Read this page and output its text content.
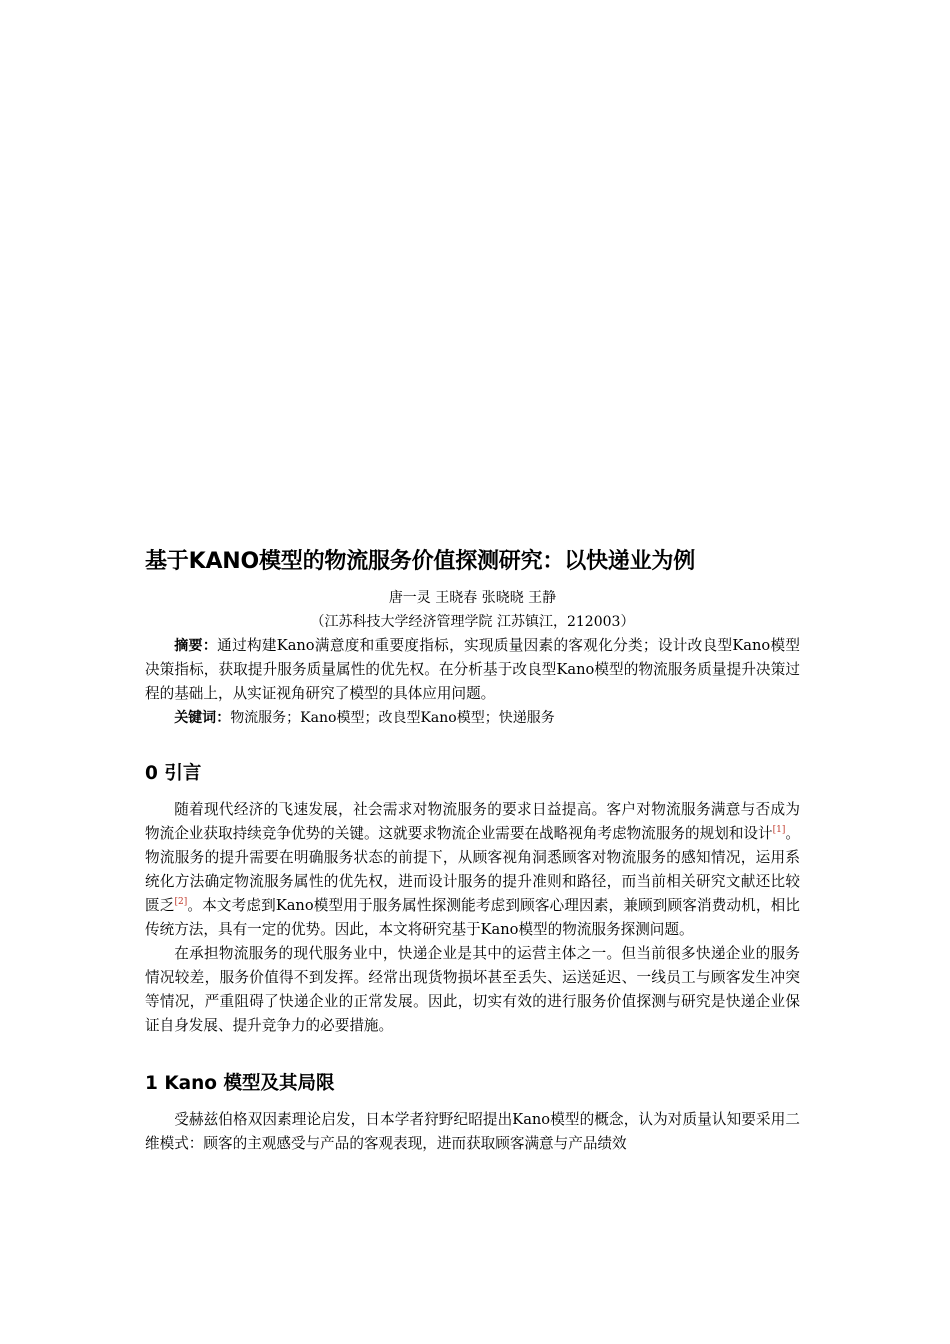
基于KANO模型的物流服务价值探测研究：以快递业为例
唐一灵 王晓春 张晓晓 王静
（江苏科技大学经济管理学院 江苏镇江，212003）

摘要：通过构建Kano满意度和重要度指标，实现质量因素的客观化分类；设计改良型Kano模型决策指标，获取提升服务质量属性的优先权。在分析基于改良型Kano模型的物流服务质量提升决策过程的基础上，从实证视角研究了模型的具体应用问题。

关键词：物流服务；Kano模型；改良型Kano模型；快递服务

0 引言

随着现代经济的飞速发展，社会需求对物流服务的要求日益提高。客户对物流服务满意与否成为物流企业获取持续竞争优势的关键。这就要求物流企业需要在战略视角考虑物流服务的规划和设计[1]。物流服务的提升需要在明确服务状态的前提下，从顾客视角洞悉顾客对物流服务的感知情况，运用系统化方法确定物流服务属性的优先权，进而设计服务的提升准则和路径，而当前相关研究文献还比较匮乏[2]。本文考虑到Kano模型用于服务属性探测能考虑到顾客心理因素，兼顾到顾客消费动机，相比传统方法，具有一定的优势。因此，本文将研究基于Kano模型的物流服务探测问题。

在承担物流服务的现代服务业中，快递企业是其中的运营主体之一。但当前很多快递企业的服务情况较差，服务价值得不到发挥。经常出现货物损坏甚至丢失、运送延迟、一线员工与顾客发生冲突等情况，严重阻碍了快递企业的正常发展。因此，切实有效的进行服务价值探测与研究是快递企业保证自身发展、提升竞争力的必要措施。

1 Kano 模型及其局限

受赫兹伯格双因素理论启发，日本学者狩野纪昭提出Kano模型的概念，认为对质量认知要采用二维模式：顾客的主观感受与产品的客观表现，进而获取顾客满意与产品绩效
